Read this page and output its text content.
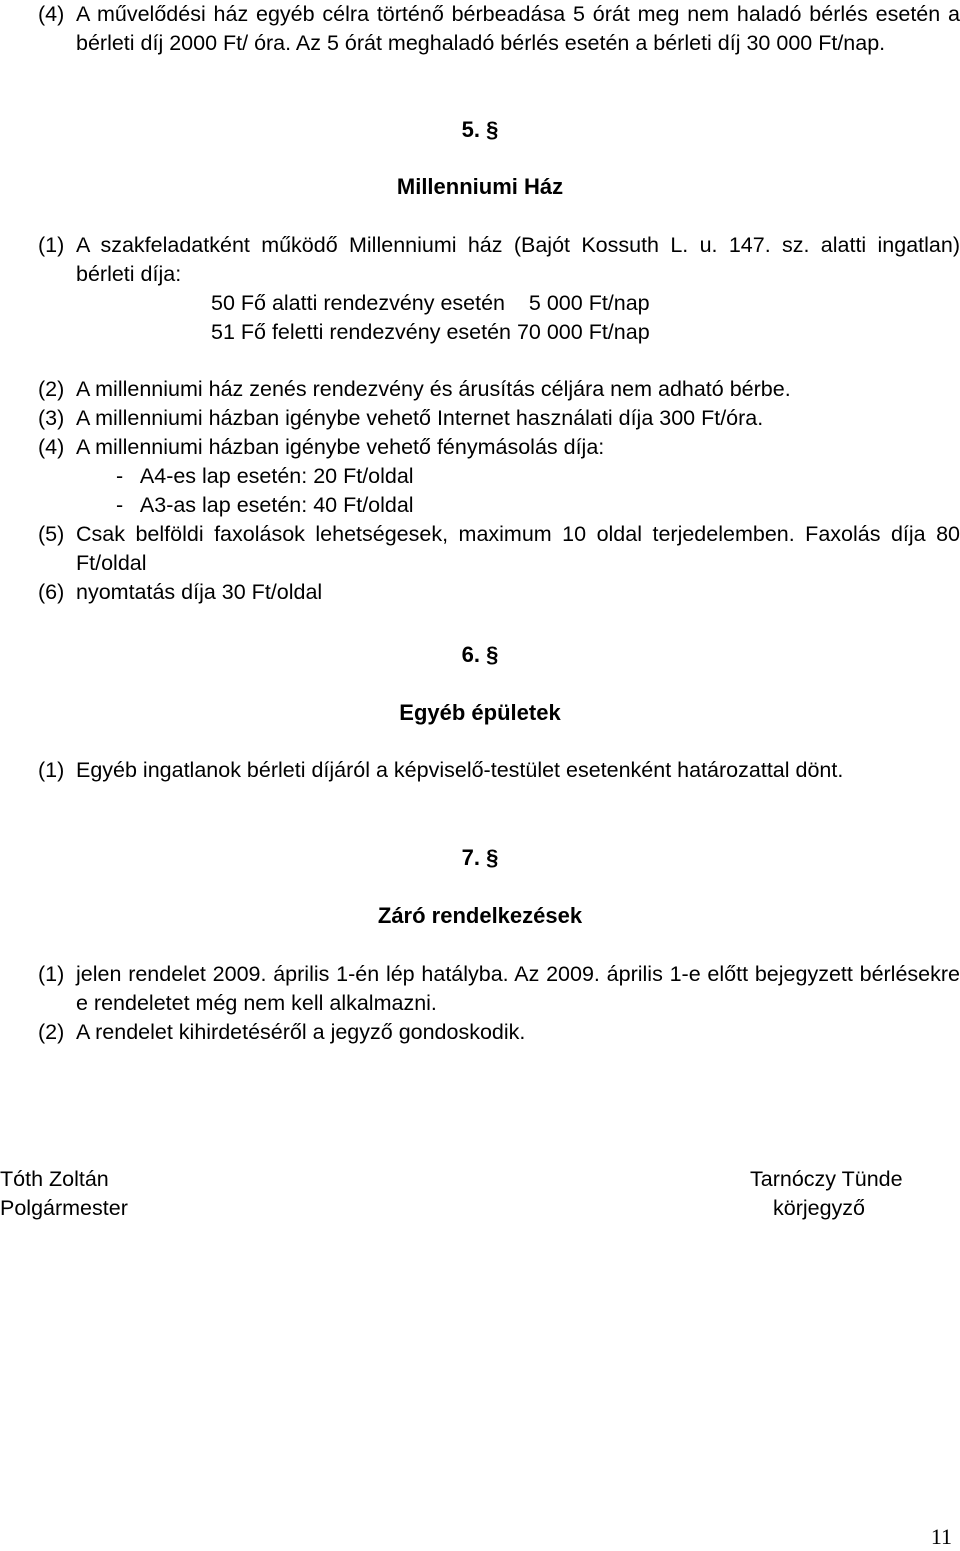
(4) A művelődési ház egyéb célra történő bérbeadása 5 órát meg nem haladó bérlés esetén a bérleti díj 2000 Ft/ óra. Az 5 órát meghaladó bérlés esetén a bérleti díj 30 000 Ft/nap.
5. §
Millenniumi Ház
(1) A szakfeladatként működő Millenniumi ház (Bajót Kossuth L. u. 147. sz. alatti ingatlan) bérleti díja:
50 Fő alatti rendezvény esetén    5 000 Ft/nap
51 Fő feletti rendezvény esetén 70 000 Ft/nap
(2) A millenniumi ház zenés rendezvény és árusítás céljára nem adható bérbe.
(3) A millenniumi házban igénybe vehető Internet használati díja 300 Ft/óra.
(4) A millenniumi házban igénybe vehető fénymásolás díja:
-   A4-es lap esetén: 20 Ft/oldal
-   A3-as lap esetén: 40 Ft/oldal
(5) Csak belföldi faxolások lehetségesek, maximum 10 oldal terjedelemben. Faxolás díja 80 Ft/oldal
(6) nyomtatás díja 30 Ft/oldal
6. §
Egyéb épületek
(1) Egyéb ingatlanok bérleti díjáról a képviselő-testület esetenként határozattal dönt.
7. §
Záró rendelkezések
(1) jelen rendelet 2009. április 1-én lép hatályba. Az 2009. április 1-e előtt bejegyzett bérlésekre e rendeletet még nem kell alkalmazni.
(2) A rendelet kihirdetéséről a jegyző gondoskodik.
Tóth Zoltán
Polgármester
Tarnóczy Tünde
körjegyző
11
